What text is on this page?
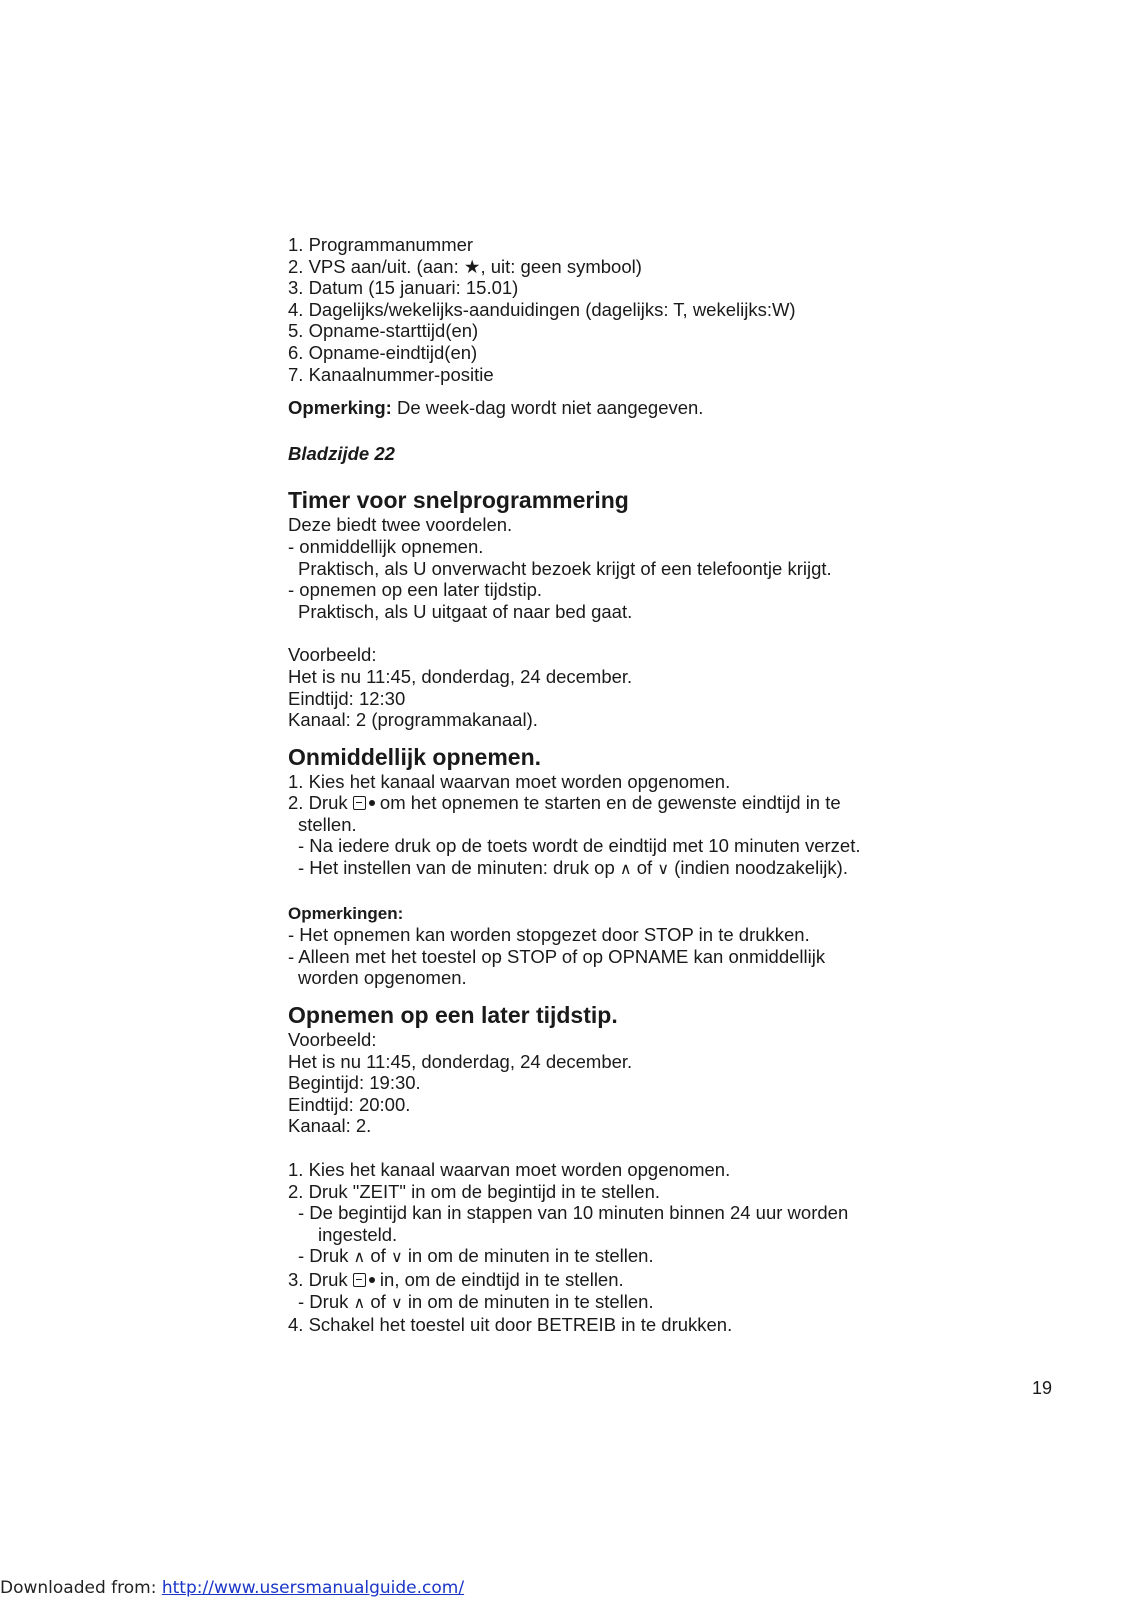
1. Programmanummer
2. VPS aan/uit. (aan: ★, uit: geen symbool)
3. Datum (15 januari: 15.01)
4. Dagelijks/wekelijks-aanduidingen (dagelijks: T, wekelijks:W)
5. Opname-starttijd(en)
6. Opname-eindtijd(en)
7. Kanaalnummer-positie
Opmerking: De week-dag wordt niet aangegeven.
Bladzijde 22
Timer voor snelprogrammering
Deze biedt twee voordelen.
- onmiddellijk opnemen.
Praktisch, als U onverwacht bezoek krijgt of een telefoontje krijgt.
- opnemen op een later tijdstip.
Praktisch, als U uitgaat of naar bed gaat.
Voorbeeld:
Het is nu 11:45, donderdag, 24 december.
Eindtijd: 12:30
Kanaal: 2 (programmakanaal).
Onmiddellijk opnemen.
1. Kies het kanaal waarvan moet worden opgenomen.
2. Druk  om het opnemen te starten en de gewenste eindtijd in te
stellen.
- Na iedere druk op de toets wordt de eindtijd met 10 minuten verzet.
- Het instellen van de minuten: druk op ∧ of ∨ (indien noodzakelijk).
Opmerkingen:
- Het opnemen kan worden stopgezet door STOP in te drukken.
- Alleen met het toestel op STOP of op OPNAME kan onmiddellijk
worden opgenomen.
Opnemen op een later tijdstip.
Voorbeeld:
Het is nu 11:45, donderdag, 24 december.
Begintijd: 19:30.
Eindtijd: 20:00.
Kanaal: 2.
1. Kies het kanaal waarvan moet worden opgenomen.
2. Druk "ZEIT" in om de begintijd in te stellen.
- De begintijd kan in stappen van 10 minuten binnen 24 uur worden
ingesteld.
- Druk ∧ of ∨ in om de minuten in te stellen.
3. Druk  in, om de eindtijd in te stellen.
- Druk ∧ of ∨ in om de minuten in te stellen.
4. Schakel het toestel uit door BETREIB in te drukken.
19
Downloaded from: http://www.usersmanualguide.com/
